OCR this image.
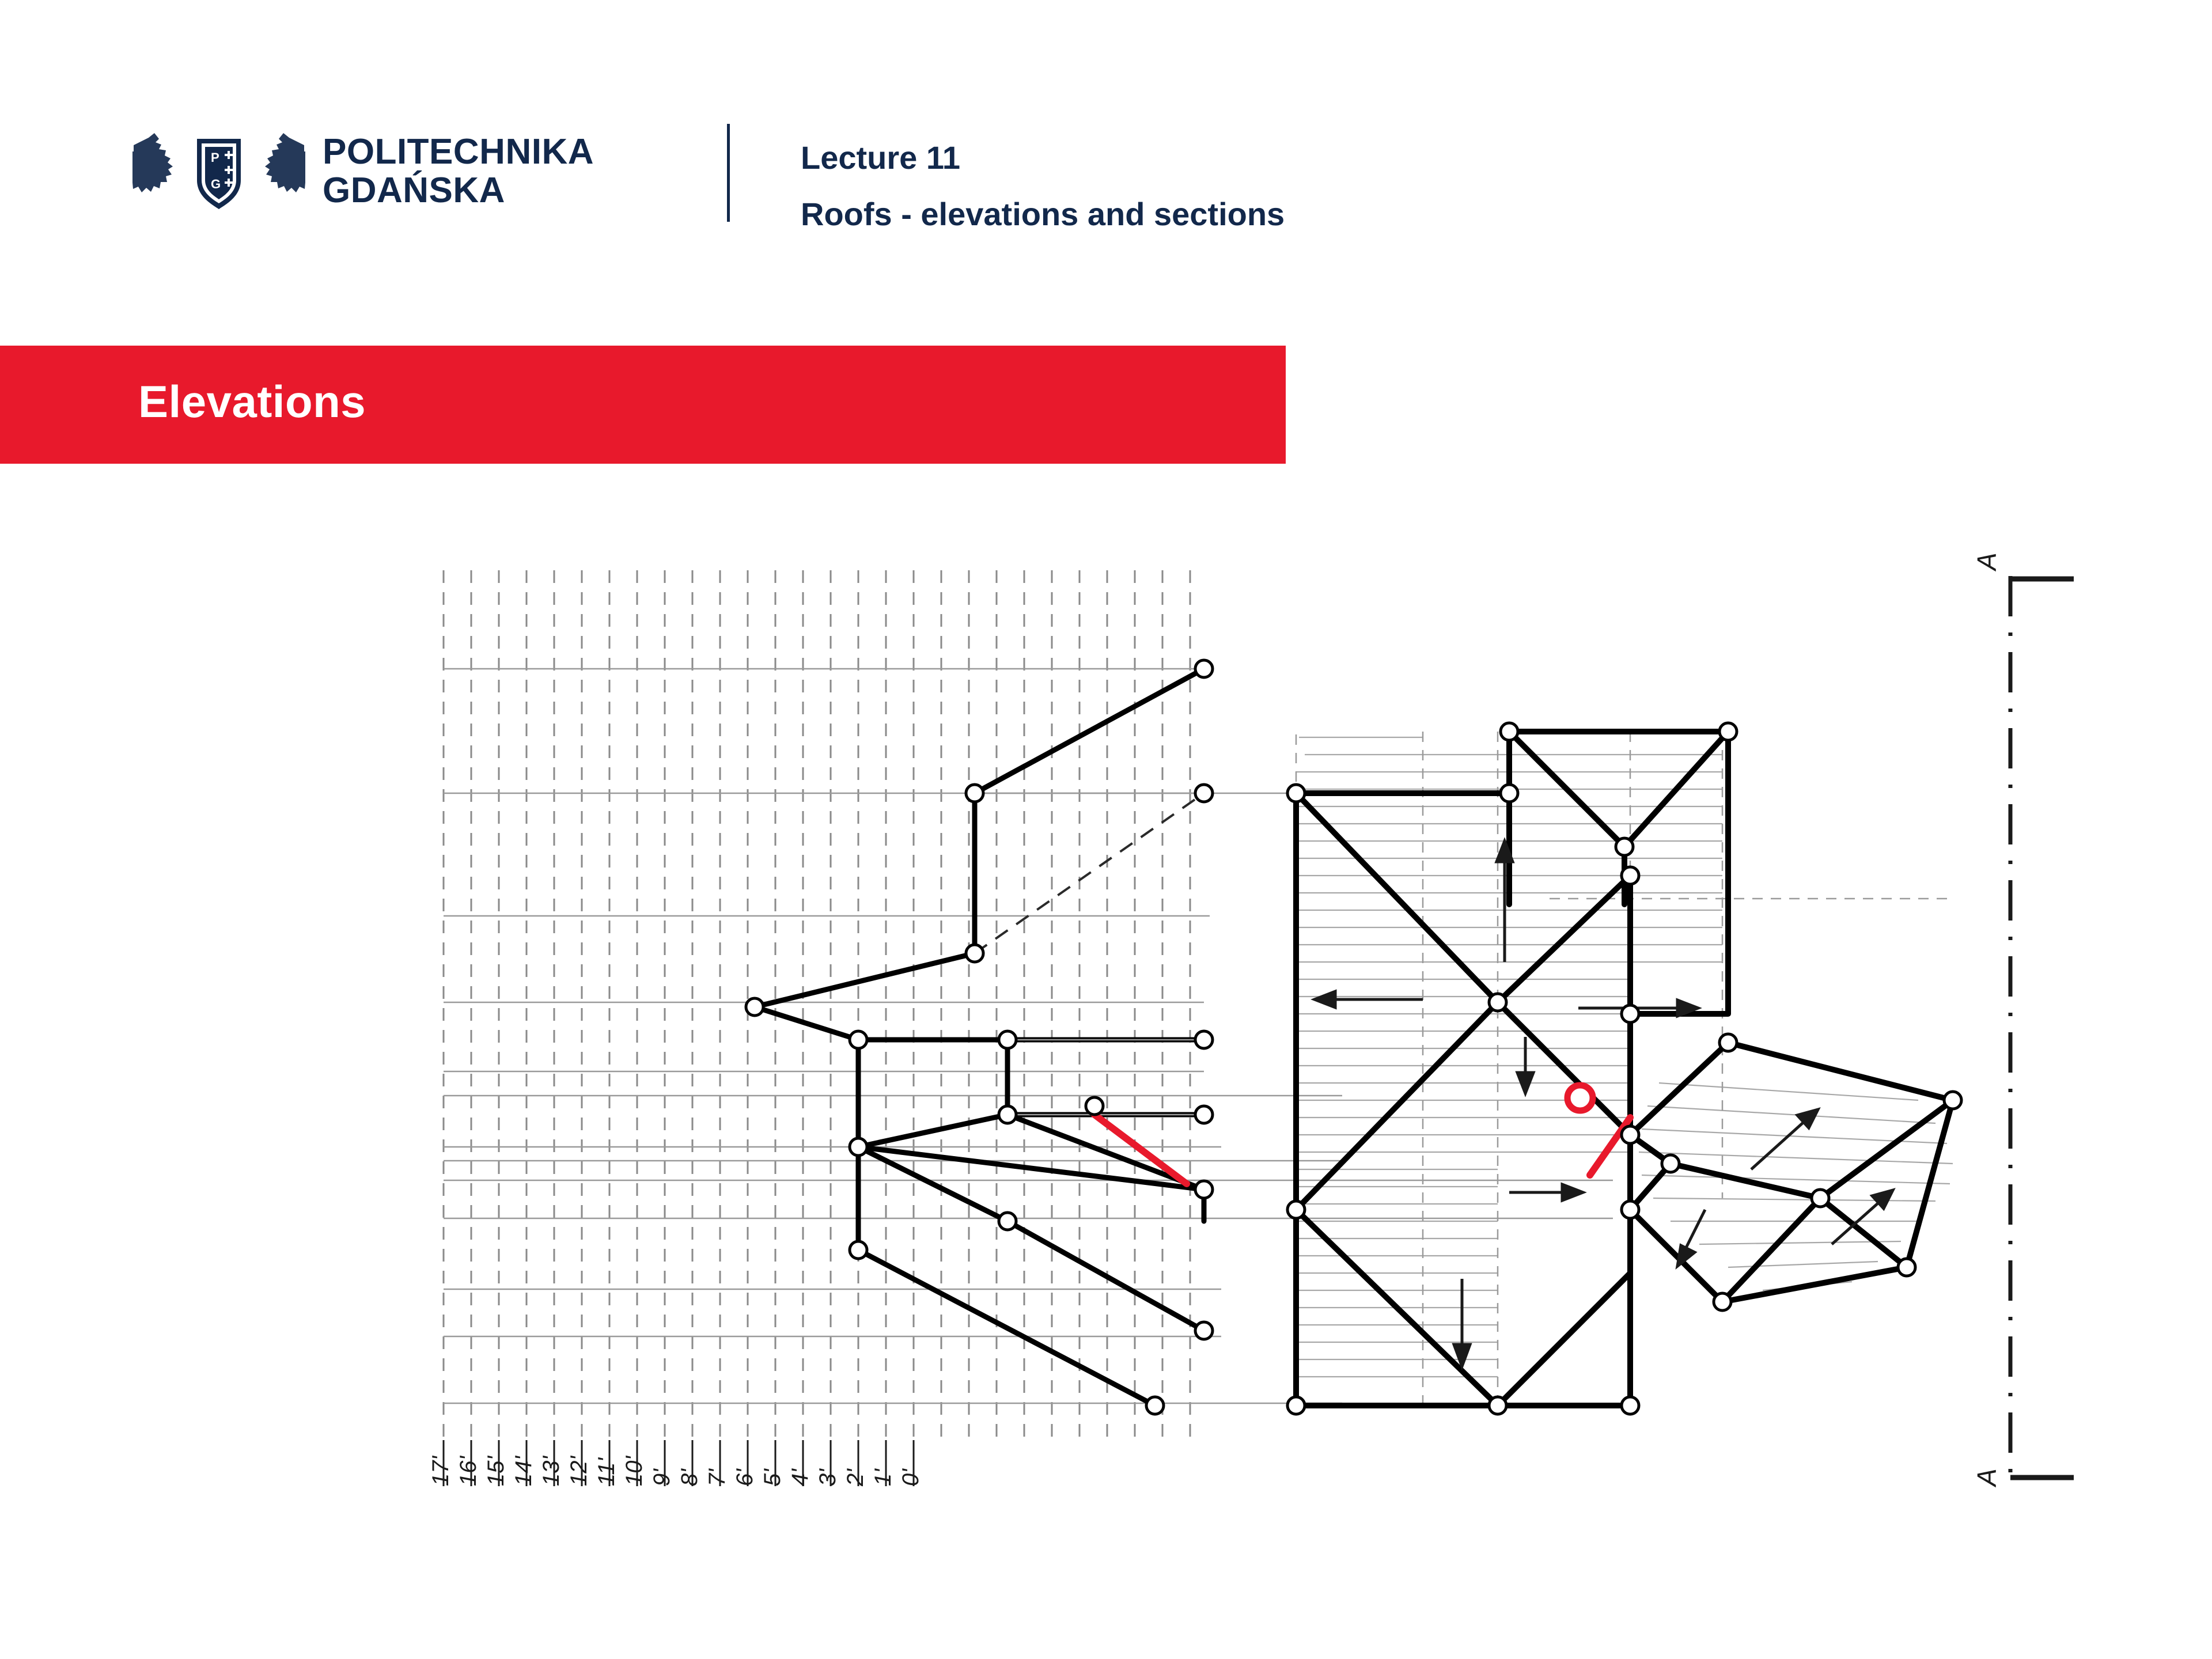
P
G
POLITECHNIKA
GDAŃSKA
Lecture 11
Roofs - elevations and sections
Elevations
17' 16' 15' 14' 13' 12' 11' 10' 9' 8' 7' 6' 5' 4' 3' 2' 1' 0'
A
A
